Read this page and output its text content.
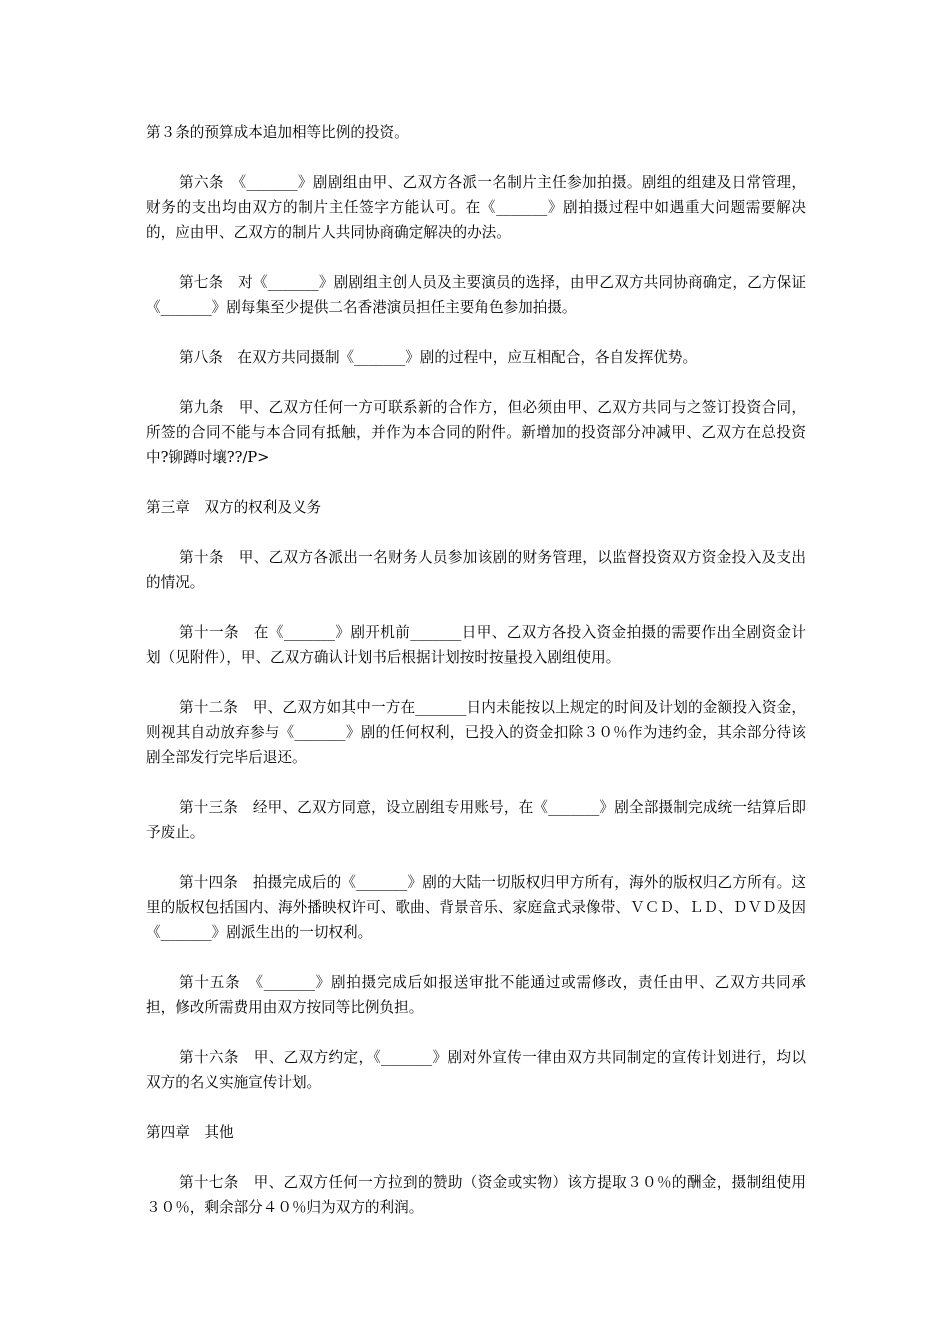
第３条的预算成本追加相等比例的投资。

第六条　《_______》剧剧组由甲、乙双方各派一名制片主任参加拍摄。剧组的组建及日常管理，财务的支出均由双方的制片主任签字方能认可。在《_______》剧拍摄过程中如遇重大问题需要解决的，应由甲、乙双方的制片人共同协商确定解决的办法。

第七条　对《_______》剧剧组主创人员及主要演员的选择，由甲乙双方共同协商确定，乙方保证《_______》剧每集至少提供二名香港演员担任主要角色参加拍摄。

第八条　在双方共同摄制《_______》剧的过程中，应互相配合，各自发挥优势。

第九条　甲、乙双方任何一方可联系新的合作方，但必须由甲、乙双方共同与之签订投资合同，所签的合同不能与本合同有抵触，并作为本合同的附件。新增加的投资部分冲减甲、乙双方在总投资中?铆蹲吋壤??/P>

第三章　双方的权利及义务

第十条　甲、乙双方各派出一名财务人员参加该剧的财务管理，以监督投资双方资金投入及支出的情况。

第十一条　在《_______》剧开机前_______日甲、乙双方各投入资金拍摄的需要作出全剧资金计划（见附件），甲、乙双方确认计划书后根据计划按时按量投入剧组使用。

第十二条　甲、乙双方如其中一方在_______日内未能按以上规定的时间及计划的金额投入资金，则视其自动放弃参与《_______》剧的任何权利，已投入的资金扣除３０％作为违约金，其余部分待该剧全部发行完毕后退还。

第十三条　经甲、乙双方同意，设立剧组专用账号，在《_______》剧全部摄制完成统一结算后即予废止。

第十四条　拍摄完成后的《_______》剧的大陆一切版权归甲方所有，海外的版权归乙方所有。这里的版权包括国内、海外播映权许可、歌曲、背景音乐、家庭盒式录像带、ＶＣＤ、ＬＤ、ＤＶＤ及因《_______》剧派生出的一切权利。

第十五条　《_______》剧拍摄完成后如报送审批不能通过或需修改，责任由甲、乙双方共同承担，修改所需费用由双方按同等比例负担。

第十六条　甲、乙双方约定，《_______》剧对外宣传一律由双方共同制定的宣传计划进行，均以双方的名义实施宣传计划。

第四章　其他

第十七条　甲、乙双方任何一方拉到的赞助（资金或实物）该方提取３０％的酬金，摄制组使用３０％，剩余部分４０％归为双方的利润。
